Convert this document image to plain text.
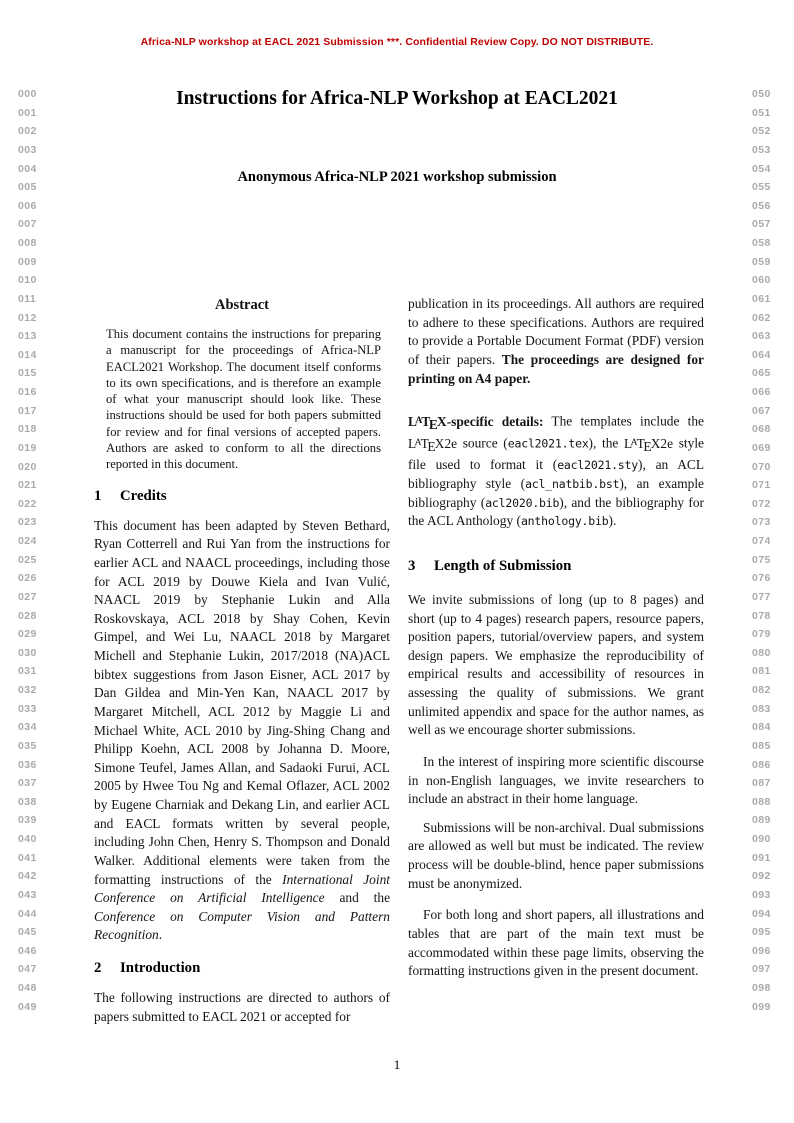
Africa-NLP workshop at EACL 2021 Submission ***. Confidential Review Copy. DO NOT DISTRIBUTE.
000
001
002
003
004
005
006
007
008
009
010
011
012
013
014
015
016
017
018
019
020
021
022
023
024
025
026
027
028
029
030
031
032
033
034
035
036
037
038
039
040
041
042
043
044
045
046
047
048
049
050
051
052
053
054
055
056
057
058
059
060
061
062
063
064
065
066
067
068
069
070
071
072
073
074
075
076
077
078
079
080
081
082
083
084
085
086
087
088
089
090
091
092
093
094
095
096
097
098
099
Instructions for Africa-NLP Workshop at EACL2021
Anonymous Africa-NLP 2021 workshop submission
Abstract
This document contains the instructions for preparing a manuscript for the proceedings of Africa-NLP EACL2021 Workshop. The document itself conforms to its own specifications, and is therefore an example of what your manuscript should look like. These instructions should be used for both papers submitted for review and for final versions of accepted papers. Authors are asked to conform to all the directions reported in this document.
1 Credits
This document has been adapted by Steven Bethard, Ryan Cotterrell and Rui Yan from the instructions for earlier ACL and NAACL proceedings, including those for ACL 2019 by Douwe Kiela and Ivan Vulić, NAACL 2019 by Stephanie Lukin and Alla Roskovskaya, ACL 2018 by Shay Cohen, Kevin Gimpel, and Wei Lu, NAACL 2018 by Margaret Michell and Stephanie Lukin, 2017/2018 (NA)ACL bibtex suggestions from Jason Eisner, ACL 2017 by Dan Gildea and Min-Yen Kan, NAACL 2017 by Margaret Mitchell, ACL 2012 by Maggie Li and Michael White, ACL 2010 by Jing-Shing Chang and Philipp Koehn, ACL 2008 by Johanna D. Moore, Simone Teufel, James Allan, and Sadaoki Furui, ACL 2005 by Hwee Tou Ng and Kemal Oflazer, ACL 2002 by Eugene Charniak and Dekang Lin, and earlier ACL and EACL formats written by several people, including John Chen, Henry S. Thompson and Donald Walker. Additional elements were taken from the formatting instructions of the International Joint Conference on Artificial Intelligence and the Conference on Computer Vision and Pattern Recognition.
2 Introduction
The following instructions are directed to authors of papers submitted to EACL 2021 or accepted for
publication in its proceedings. All authors are required to adhere to these specifications. Authors are required to provide a Portable Document Format (PDF) version of their papers. The proceedings are designed for printing on A4 paper.
$L^ATEX$-specific details: The templates include the $L^ATEX2e$ source (eacl2021.tex), the $L^ATEX2e$ style file used to format it (eacl2021.sty), an ACL bibliography style (acl_natbib.bst), an example bibliography (acl2020.bib), and the bibliography for the ACL Anthology (anthology.bib).
3 Length of Submission
We invite submissions of long (up to 8 pages) and short (up to 4 pages) research papers, resource papers, position papers, tutorial/overview papers, and system design papers. We emphasize the reproducibility of empirical results and accessibility of resources in assessing the quality of submissions. We grant unlimited appendix and space for the author names, as well as we encourage shorter submissions.
In the interest of inspiring more scientific discourse in non-English languages, we invite researchers to include an abstract in their home language.
Submissions will be non-archival. Dual submissions are allowed as well but must be indicated. The review process will be double-blind, hence paper submissions must be anonymized.
For both long and short papers, all illustrations and tables that are part of the main text must be accommodated within these page limits, observing the formatting instructions given in the present document.
1
